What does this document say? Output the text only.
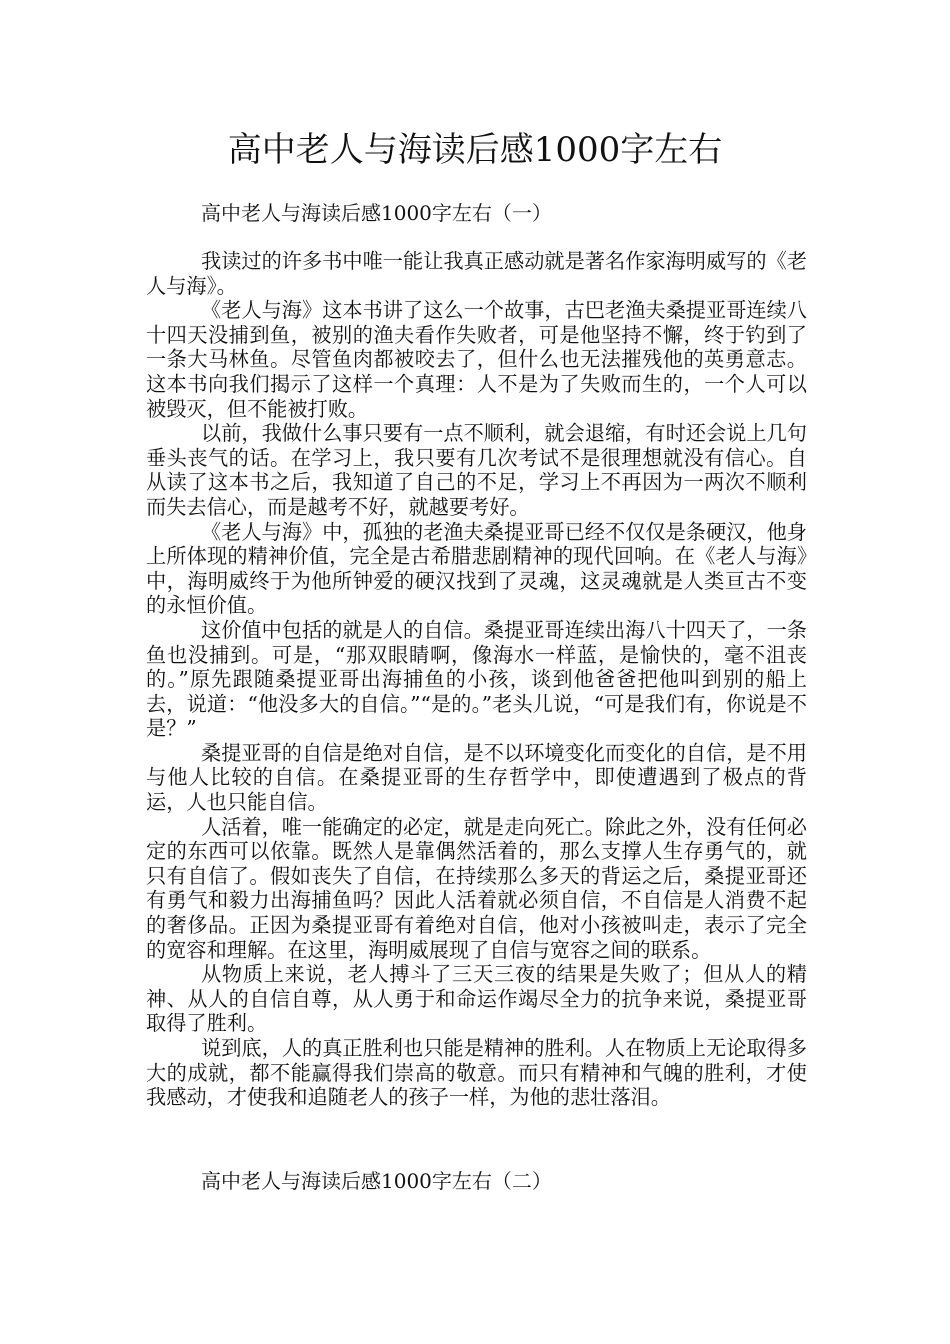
高中老人与海读后感1000字左右
高中老人与海读后感1000字左右（一）

我读过的许多书中唯一能让我真正感动就是著名作家海明威写的《老人与海》。

《老人与海》这本书讲了这么一个故事，古巴老渔夫桑提亚哥连续八十四天没捕到鱼，被别的渔夫看作失败者，可是他坚持不懈，终于钓到了一条大马林鱼。尽管鱼肉都被咬去了，但什么也无法摧残他的英勇意志。这本书向我们揭示了这样一个真理：人不是为了失败而生的，一个人可以被毁灭，但不能被打败。

以前，我做什么事只要有一点不顺利，就会退缩，有时还会说上几句垂头丧气的话。在学习上，我只要有几次考试不是很理想就没有信心。自从读了这本书之后，我知道了自己的不足，学习上不再因为一两次不顺利而失去信心，而是越考不好，就越要考好。

《老人与海》中，孤独的老渔夫桑提亚哥已经不仅仅是条硬汉，他身上所体现的精神价值，完全是古希腊悲剧精神的现代回响。在《老人与海》中，海明威终于为他所钟爱的硬汉找到了灵魂，这灵魂就是人类亘古不变的永恒价值。

这价值中包括的就是人的自信。桑提亚哥连续出海八十四天了，一条鱼也没捕到。可是，“那双眼睛啊，像海水一样蓝，是愉快的，毫不沮丧的。”原先跟随桑提亚哥出海捕鱼的小孩，谈到他爸爸把他叫到别的船上去，说道：“他没多大的自信。”“是的。”老头儿说，“可是我们有，你说是不是？”

桑提亚哥的自信是绝对自信，是不以环境变化而变化的自信，是不用与他人比较的自信。在桑提亚哥的生存哲学中，即使遭遇到了极点的背运，人也只能自信。

人活着，唯一能确定的必定，就是走向死亡。除此之外，没有任何必定的东西可以依靠。既然人是靠偶然活着的，那么支撑人生存勇气的，就只有自信了。假如丧失了自信，在持续那么多天的背运之后，桑提亚哥还有勇气和毅力出海捕鱼吗？因此人活着就必须自信，不自信是人消费不起的奢侈品。正因为桑提亚哥有着绝对自信，他对小孩被叫走，表示了完全的宽容和理解。在这里，海明威展现了自信与宽容之间的联系。

从物质上来说，老人搏斗了三天三夜的结果是失败了；但从人的精神、从人的自信自尊，从人勇于和命运作竭尽全力的抗争来说，桑提亚哥取得了胜利。

说到底，人的真正胜利也只能是精神的胜利。人在物质上无论取得多大的成就，都不能赢得我们崇高的敬意。而只有精神和气魄的胜利，才使我感动，才使我和追随老人的孩子一样，为他的悲壮落泪。

高中老人与海读后感1000字左右（二）
